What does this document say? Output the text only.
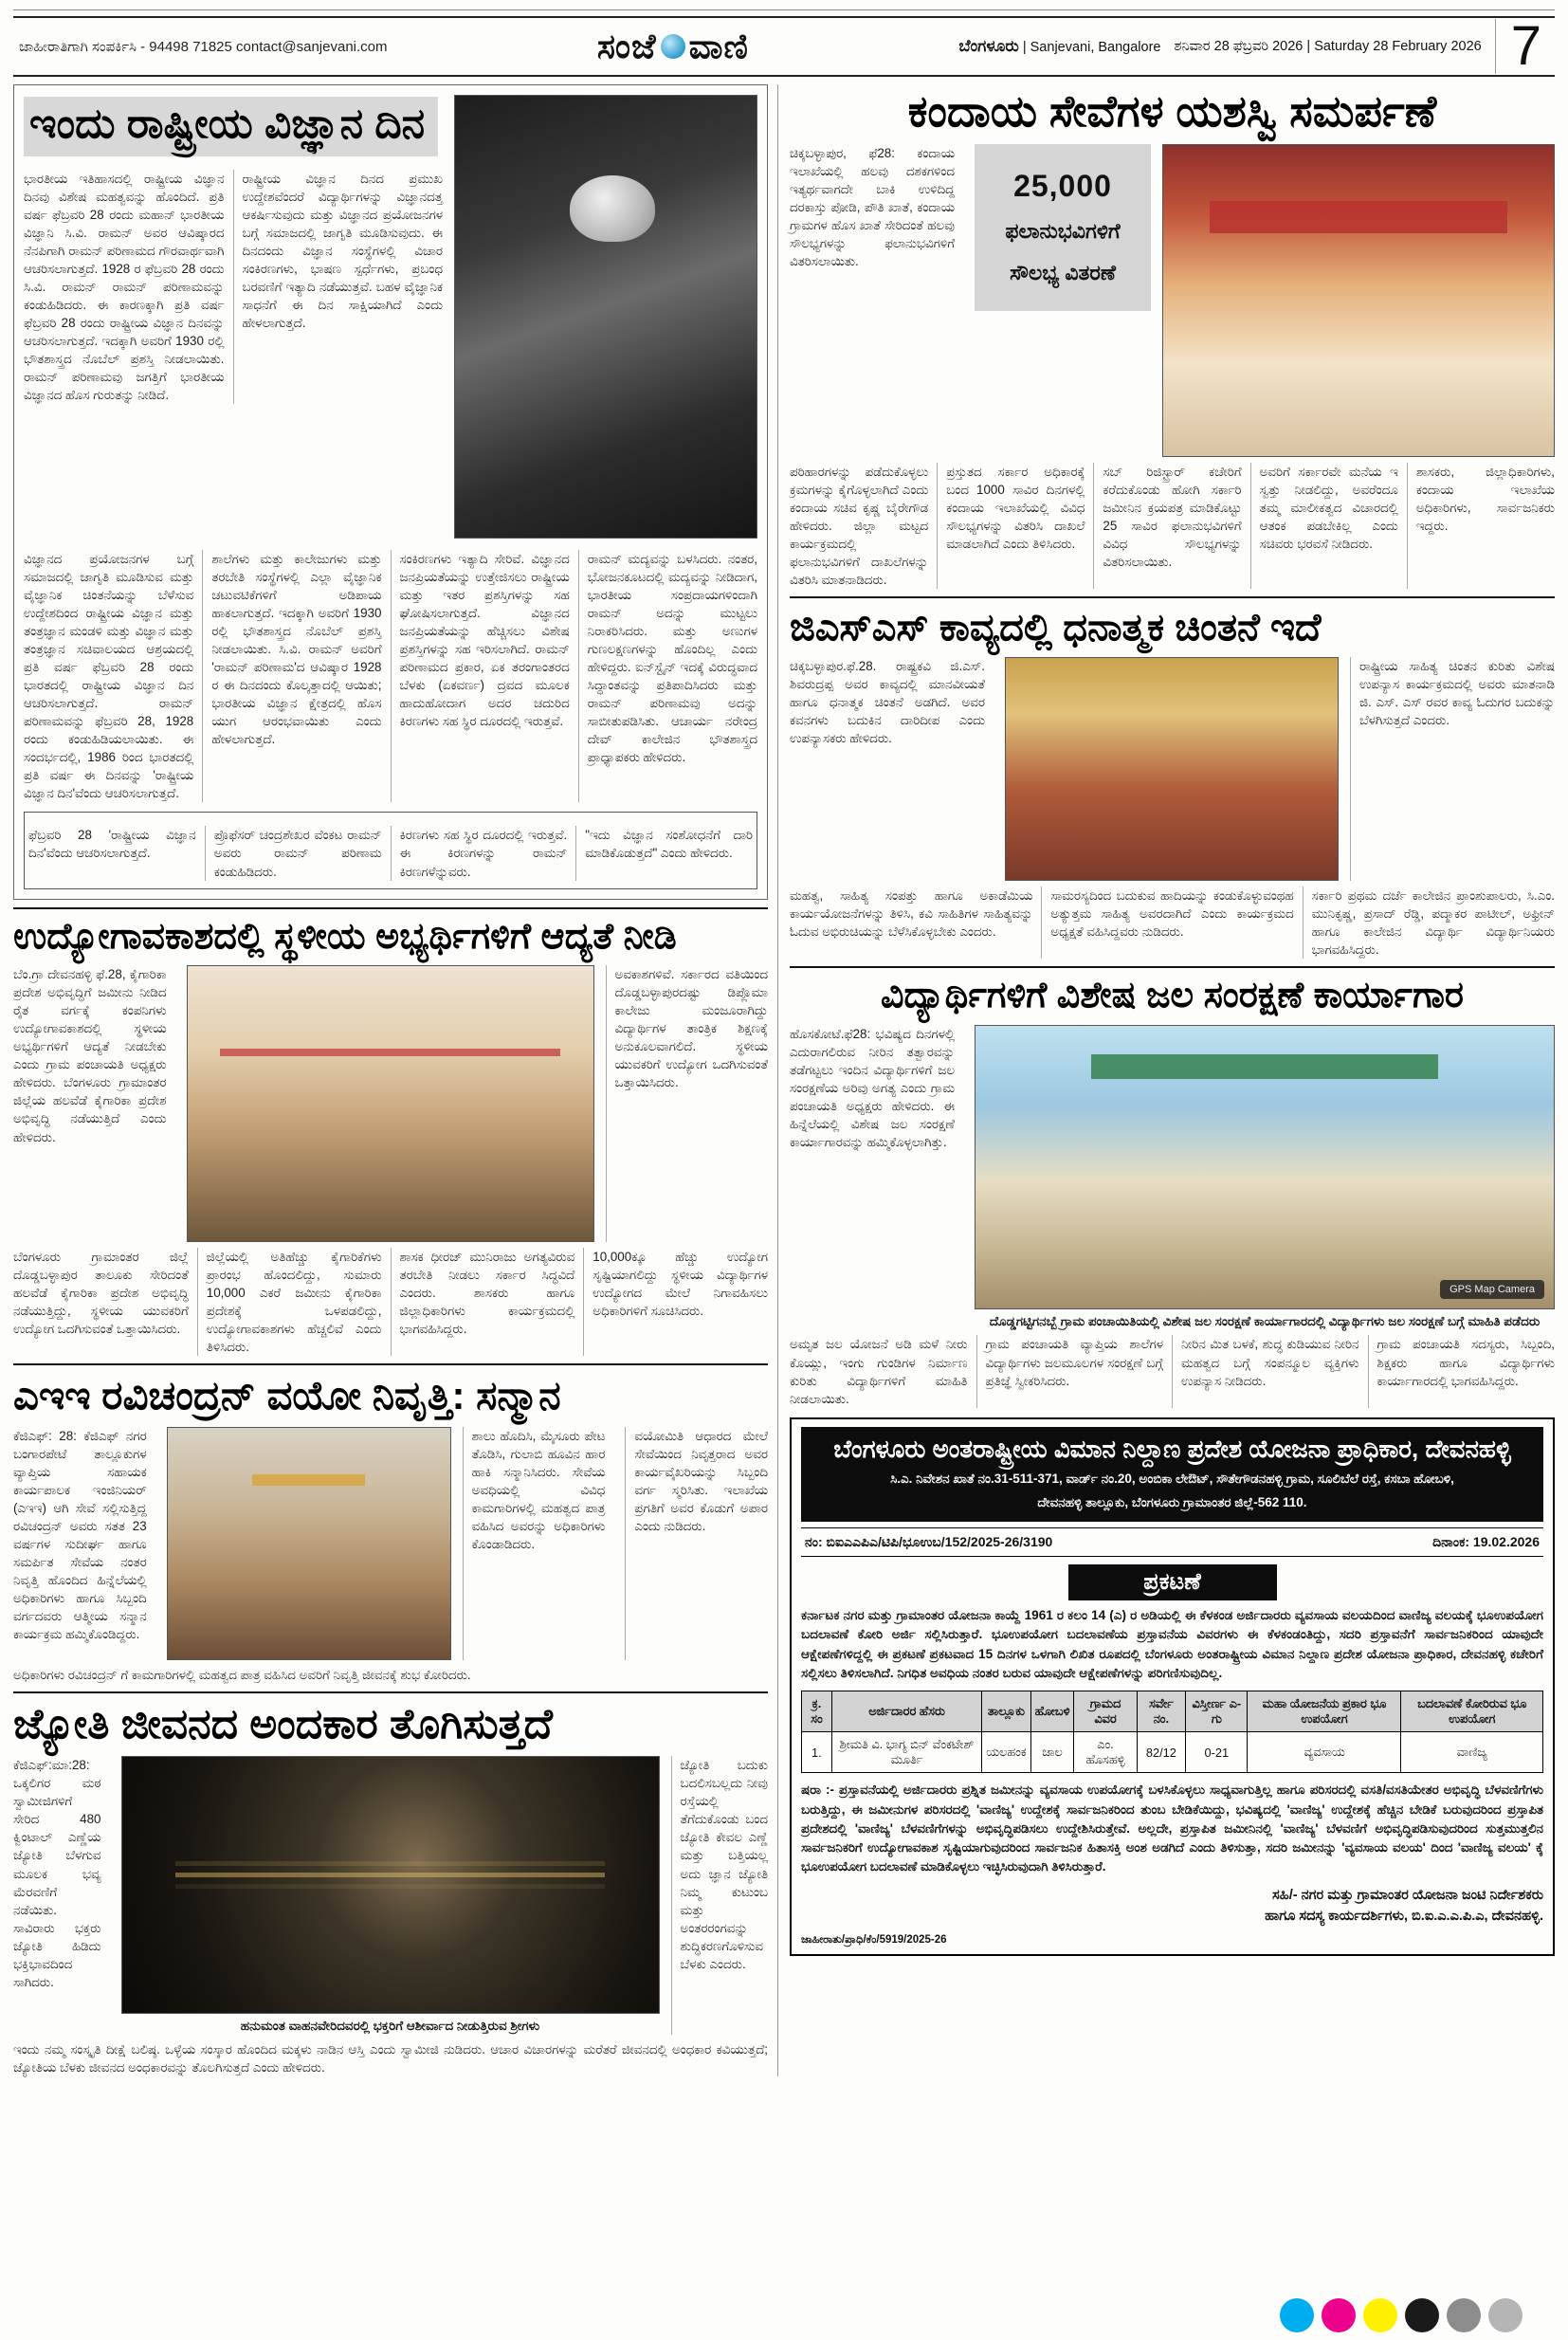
ಜಾಹೀರಾತಿಗಾಗಿ ಸಂಪರ್ಕಿಸಿ - 94498 71825 contact@sanjevani.com	ಸಂಜೆ ವಾಣಿ	ಬೆಂಗಳೂರು | Sanjevani, Bangalore ಶನಿವಾರ 28 ಫೆಬ್ರವರಿ 2026 | Saturday 28 February 2026 7
ಇಂದು ರಾಷ್ಟ್ರೀಯ ವಿಜ್ಞಾನ ದಿನ
ಭಾರತೀಯ ಇತಿಹಾಸದಲ್ಲಿ ರಾಷ್ಟ್ರೀಯ ವಿಜ್ಞಾನ ದಿನವು ವಿಶೇಷ ಮಹತ್ವವನ್ನು ಹೊಂದಿದೆ. ಪ್ರತಿ ವರ್ಷ ಫೆಬ್ರವರಿ 28 ರಂದು ಮಹಾನ್ ಭಾರತೀಯ ವಿಜ್ಞಾನಿ ಸಿ.ವಿ. ರಾಮನ್ ಅವರ ಆವಿಷ್ಕಾರದ ನೆನಪಿಗಾಗಿ ರಾಮನ್ ಪರಿಣಾಮದ ಗೌರವಾರ್ಥವಾಗಿ ಆಚರಿಸಲಾಗುತ್ತದೆ. 1928 ರ ಫೆಬ್ರವರಿ 28 ರಂದು ಸಿ.ವಿ. ರಾಮನ್ ರಾಮನ್ ಪರಿಣಾಮವನ್ನು ಕಂಡುಹಿಡಿದರು. ಈ ಕಾರಣಕ್ಕಾಗಿ ಪ್ರತಿ ವರ್ಷ ಫೆಬ್ರವರಿ 28 ರಂದು ರಾಷ್ಟ್ರೀಯ ವಿಜ್ಞಾನ ದಿನವನ್ನು ಆಚರಿಸಲಾಗುತ್ತದೆ. ಇದಕ್ಕಾಗಿ ಅವರಿಗೆ 1930 ರಲ್ಲಿ ಭೌತಶಾಸ್ತ್ರದ ನೊಬೆಲ್ ಪ್ರಶಸ್ತಿ ನೀಡಲಾಯಿತು. ರಾಮನ್ ಪರಿಣಾಮವು ಜಗತ್ತಿಗೆ ಭಾರತೀಯ ವಿಜ್ಞಾನದ ಹೊಸ ಗುರುತನ್ನು ನೀಡಿದೆ.
ರಾಷ್ಟ್ರೀಯ ವಿಜ್ಞಾನ ದಿನದ ಪ್ರಮುಖ ಉದ್ದೇಶವೆಂದರೆ ವಿದ್ಯಾರ್ಥಿಗಳನ್ನು ವಿಜ್ಞಾನದತ್ತ ಆಕರ್ಷಿಸುವುದು ಮತ್ತು ವಿಜ್ಞಾನದ ಪ್ರಯೋಜನಗಳ ಬಗ್ಗೆ ಸಮಾಜದಲ್ಲಿ ಜಾಗೃತಿ ಮೂಡಿಸುವುದು. ಈ ದಿನದಂದು ವಿಜ್ಞಾನ ಸಂಸ್ಥೆಗಳಲ್ಲಿ ವಿಚಾರ ಸಂಕಿರಣಗಳು, ಭಾಷಣ ಸ್ಪರ್ಧೆಗಳು, ಪ್ರಬಂಧ ಬರವಣಿಗೆ ಇತ್ಯಾದಿ ನಡೆಯುತ್ತವೆ. ಬಹಳ ವೈಜ್ಞಾನಿಕ ಸಾಧನೆಗೆ ಈ ದಿನ ಸಾಕ್ಷಿಯಾಗಿದೆ ಎಂದು ಹೇಳಲಾಗುತ್ತದೆ.
ವಿಜ್ಞಾನದ ಪ್ರಯೋಜನಗಳ ಬಗ್ಗೆ ಸಮಾಜದಲ್ಲಿ ಜಾಗೃತಿ ಮೂಡಿಸುವ ಮತ್ತು ವೈಜ್ಞಾನಿಕ ಚಿಂತನೆಯನ್ನು ಬೆಳೆಸುವ ಉದ್ದೇಶದಿಂದ ರಾಷ್ಟ್ರೀಯ ವಿಜ್ಞಾನ ಮತ್ತು ತಂತ್ರಜ್ಞಾನ ಮಂಡಳಿ ಮತ್ತು ವಿಜ್ಞಾನ ಮತ್ತು ತಂತ್ರಜ್ಞಾನ ಸಚಿವಾಲಯದ ಆಶ್ರಯದಲ್ಲಿ ಪ್ರತಿ ವರ್ಷ ಫೆಬ್ರವರಿ 28 ರಂದು ಭಾರತದಲ್ಲಿ ರಾಷ್ಟ್ರೀಯ ವಿಜ್ಞಾನ ದಿನ ಆಚರಿಸಲಾಗುತ್ತದೆ. ರಾಮನ್ ಪರಿಣಾಮವನ್ನು ಫೆಬ್ರವರಿ 28, 1928 ರಂದು ಕಂಡುಹಿಡಿಯಲಾಯಿತು. ಈ ಸಂದರ್ಭದಲ್ಲಿ, 1986 ರಿಂದ ಭಾರತದಲ್ಲಿ ಪ್ರತಿ ವರ್ಷ ಈ ದಿನವನ್ನು 'ರಾಷ್ಟ್ರೀಯ ವಿಜ್ಞಾನ ದಿನ'ವೆಂದು ಆಚರಿಸಲಾಗುತ್ತದೆ.
ಶಾಲೆಗಳು ಮತ್ತು ಕಾಲೇಜುಗಳು ಮತ್ತು ತರಬೇತಿ ಸಂಸ್ಥೆಗಳಲ್ಲಿ ಎಲ್ಲಾ ವೈಜ್ಞಾನಿಕ ಚಟುವಟಿಕೆಗಳಿಗೆ ಅಡಿಪಾಯ ಹಾಕಲಾಗುತ್ತದೆ. ಇದಕ್ಕಾಗಿ ಅವರಿಗೆ 1930 ರಲ್ಲಿ ಭೌತಶಾಸ್ತ್ರದ ನೊಬೆಲ್ ಪ್ರಶಸ್ತಿ ನೀಡಲಾಯಿತು. ಸಿ.ವಿ. ರಾಮನ್ ಅವರಿಗೆ 'ರಾಮನ್ ಪರಿಣಾಮ'ದ ಆವಿಷ್ಕಾರ 1928 ರ ಈ ದಿನದಂದು ಕೊಲ್ಕತ್ತಾದಲ್ಲಿ ಆಯಿತು; ಭಾರತೀಯ ವಿಜ್ಞಾನ ಕ್ಷೇತ್ರದಲ್ಲಿ ಹೊಸ ಯುಗ ಆರಂಭವಾಯಿತು ಎಂದು ಹೇಳಲಾಗುತ್ತದೆ.
ಸಂಕಿರಣಗಳು ಇತ್ಯಾದಿ ಸೇರಿವೆ. ವಿಜ್ಞಾನದ ಜನಪ್ರಿಯತೆಯನ್ನು ಉತ್ತೇಜಿಸಲು ರಾಷ್ಟ್ರೀಯ ಮತ್ತು ಇತರ ಪ್ರಶಸ್ತಿಗಳನ್ನು ಸಹ ಘೋಷಿಸಲಾಗುತ್ತದೆ. ವಿಜ್ಞಾನದ ಜನಪ್ರಿಯತೆಯನ್ನು ಹೆಚ್ಚಿಸಲು ವಿಶೇಷ ಪ್ರಶಸ್ತಿಗಳನ್ನು ಸಹ ಇರಿಸಲಾಗಿದೆ. ರಾಮನ್ ಪರಿಣಾಮದ ಪ್ರಕಾರ, ಏಕ ತರಂಗಾಂತರದ ಬೆಳಕು (ಏಕವರ್ಣ) ದ್ರವದ ಮೂಲಕ ಹಾದುಹೋದಾಗ ಅದರ ಚದುರಿದ ಕಿರಣಗಳು ಸಹ ಸ್ಥಿರ ದೂರದಲ್ಲಿ ಇರುತ್ತವೆ.
ರಾಮನ್ ಮದ್ಯವನ್ನು ಬಳಸಿದರು. ನಂತರ, ಭೋಜನಕೂಟದಲ್ಲಿ ಮದ್ಯವನ್ನು ನೀಡಿದಾಗ, ಭಾರತೀಯ ಸಂಪ್ರದಾಯಗಳಿಂದಾಗಿ ರಾಮನ್ ಅದನ್ನು ಮುಟ್ಟಲು ನಿರಾಕರಿಸಿದರು. ಮತ್ತು ಅಣುಗಳ ಗುಣಲಕ್ಷಣಗಳನ್ನು ಹೊಂದಿಲ್ಲ ಎಂದು ಹೇಳಿದ್ದರು. ಐನ್‌ಸ್ಟೈನ್ ಇದಕ್ಕೆ ವಿರುದ್ಧವಾದ ಸಿದ್ಧಾಂತವನ್ನು ಪ್ರತಿಪಾದಿಸಿದರು ಮತ್ತು ರಾಮನ್ ಪರಿಣಾಮವು ಅದನ್ನು ಸಾಬೀತುಪಡಿಸಿತು. ಆಚಾರ್ಯ ನರೇಂದ್ರ ದೇವ್ ಕಾಲೇಜಿನ ಭೌತಶಾಸ್ತ್ರದ ಪ್ರಾಧ್ಯಾಪಕರು ಹೇಳಿದರು.
ಫೆಬ್ರವರಿ 28 'ರಾಷ್ಟ್ರೀಯ ವಿಜ್ಞಾನ ದಿನ'ವೆಂದು ಆಚರಿಸಲಾಗುತ್ತದೆ.
ಪ್ರೊಫೆಸರ್ ಚಂದ್ರಶೇಖರ ವೆಂಕಟ ರಾಮನ್ ಅವರು ರಾಮನ್ ಪರಿಣಾಮ ಕಂಡುಹಿಡಿದರು.
ಕಿರಣಗಳು ಸಹ ಸ್ಥಿರ ದೂರದಲ್ಲಿ ಇರುತ್ತವೆ. ಈ ಕಿರಣಗಳನ್ನು ರಾಮನ್ ಕಿರಣಗಳೆನ್ನುವರು.
"ಇದು ವಿಜ್ಞಾನ ಸಂಶೋಧನೆಗೆ ದಾರಿ ಮಾಡಿಕೊಡುತ್ತದೆ" ಎಂದು ಹೇಳಿದರು.
ಉದ್ಯೋಗಾವಕಾಶದಲ್ಲಿ ಸ್ಥಳೀಯ ಅಭ್ಯರ್ಥಿಗಳಿಗೆ ಆದ್ಯತೆ ನೀಡಿ
ಬೆಂ.ಗ್ರಾ ದೇವನಹಳ್ಳಿ ಫೆ.28, ಕೈಗಾರಿಕಾ ಪ್ರದೇಶ ಅಭಿವೃದ್ಧಿಗೆ ಜಮೀನು ನೀಡಿದ ರೈತ ವರ್ಗಕ್ಕೆ ಕಂಪನಿಗಳು ಉದ್ಯೋಗಾವಕಾಶದಲ್ಲಿ ಸ್ಥಳೀಯ ಅಭ್ಯರ್ಥಿಗಳಿಗೆ ಆದ್ಯತೆ ನೀಡಬೇಕು ಎಂದು ಗ್ರಾಮ ಪಂಚಾಯತಿ ಅಧ್ಯಕ್ಷರು ಹೇಳಿದರು. ಬೆಂಗಳೂರು ಗ್ರಾಮಾಂತರ ಜಿಲ್ಲೆಯ ಹಲವೆಡೆ ಕೈಗಾರಿಕಾ ಪ್ರದೇಶ ಅಭಿವೃದ್ಧಿ ನಡೆಯುತ್ತಿದೆ ಎಂದು ಹೇಳಿದರು.
ಅವಕಾಶಗಳಿವೆ. ಸರ್ಕಾರದ ವತಿಯಿಂದ ದೊಡ್ಡಬಳ್ಳಾಪುರದಷ್ಟು ಡಿಪ್ಲೊಮಾ ಕಾಲೇಜು ಮಂಜೂರಾಗಿದ್ದು ವಿದ್ಯಾರ್ಥಿಗಳ ತಾಂತ್ರಿಕ ಶಿಕ್ಷಣಕ್ಕೆ ಅನುಕೂಲವಾಗಲಿದೆ. ಸ್ಥಳೀಯ ಯುವಕರಿಗೆ ಉದ್ಯೋಗ ಒದಗಿಸುವಂತೆ ಒತ್ತಾಯಿಸಿದರು.
ಬೆಂಗಳೂರು ಗ್ರಾಮಾಂತರ ಜಿಲ್ಲೆ ದೊಡ್ಡಬಳ್ಳಾಪುರ ತಾಲೂಕು ಸೇರಿದಂತೆ ಹಲವೆಡೆ ಕೈಗಾರಿಕಾ ಪ್ರದೇಶ ಅಭಿವೃದ್ಧಿ ನಡೆಯುತ್ತಿದ್ದು, ಸ್ಥಳೀಯ ಯುವಕರಿಗೆ ಉದ್ಯೋಗ ಒದಗಿಸುವಂತೆ ಒತ್ತಾಯಿಸಿದರು.
ಜಿಲ್ಲೆಯಲ್ಲಿ ಅತಿಹೆಚ್ಚು ಕೈಗಾರಿಕೆಗಳು ಪ್ರಾರಂಭ ಹೊಂದಲಿದ್ದು, ಸುಮಾರು 10,000 ಎಕರೆ ಜಮೀನು ಕೈಗಾರಿಕಾ ಪ್ರದೇಶಕ್ಕೆ ಒಳಪಡಲಿದ್ದು, ಉದ್ಯೋಗಾವಕಾಶಗಳು ಹೆಚ್ಚಲಿವೆ ಎಂದು ತಿಳಿಸಿದರು.
ಶಾಸಕ ಧೀರಜ್ ಮುನಿರಾಜು ಅಗತ್ಯವಿರುವ ತರಬೇತಿ ನೀಡಲು ಸರ್ಕಾರ ಸಿದ್ಧವಿದೆ ಎಂದರು. ಶಾಸಕರು ಹಾಗೂ ಜಿಲ್ಲಾಧಿಕಾರಿಗಳು ಕಾರ್ಯಕ್ರಮದಲ್ಲಿ ಭಾಗವಹಿಸಿದ್ದರು.
10,000ಕ್ಕೂ ಹೆಚ್ಚು ಉದ್ಯೋಗ ಸೃಷ್ಟಿಯಾಗಲಿದ್ದು ಸ್ಥಳೀಯ ವಿದ್ಯಾರ್ಥಿಗಳ ಉದ್ಯೋಗದ ಮೇಲೆ ನಿಗಾವಹಿಸಲು ಅಧಿಕಾರಿಗಳಿಗೆ ಸೂಚಿಸಿದರು.
ಎಇಇ ರವಿಚಂದ್ರನ್ ವಯೋ ನಿವೃತ್ತಿ: ಸನ್ಮಾನ
ಕೆಜಿಎಫ್: 28: ಕೆಜಿಎಫ್ ನಗರ ಬಂಗಾರಪೇಟೆ ತಾಲ್ಲೂಕುಗಳ ವ್ಯಾಪ್ತಿಯ ಸಹಾಯಕ ಕಾರ್ಯಪಾಲಕ ಇಂಜಿನಿಯರ್ (ಎಇಇ) ಆಗಿ ಸೇವೆ ಸಲ್ಲಿಸುತ್ತಿದ್ದ ರವಿಚಂದ್ರನ್ ಅವರು ಸತತ 23 ವರ್ಷಗಳ ಸುದೀರ್ಘ ಹಾಗೂ ಸಮರ್ಪಿತ ಸೇವೆಯ ನಂತರ ನಿವೃತ್ತಿ ಹೊಂದಿದ ಹಿನ್ನೆಲೆಯಲ್ಲಿ ಅಧಿಕಾರಿಗಳು ಹಾಗೂ ಸಿಬ್ಬಂದಿ ವರ್ಗದವರು ಆತ್ಮೀಯ ಸನ್ಮಾನ ಕಾರ್ಯಕ್ರಮ ಹಮ್ಮಿಕೊಂಡಿದ್ದರು.
ಶಾಲು ಹೊದಿಸಿ, ಮೈಸೂರು ಪೇಟ ತೊಡಿಸಿ, ಗುಲಾಬಿ ಹೂವಿನ ಹಾರ ಹಾಕಿ ಸನ್ಮಾನಿಸಿದರು. ಸೇವೆಯ ಅವಧಿಯಲ್ಲಿ ವಿವಿಧ ಕಾಮಗಾರಿಗಳಲ್ಲಿ ಮಹತ್ವದ ಪಾತ್ರ ವಹಿಸಿದ ಅವರನ್ನು ಅಧಿಕಾರಿಗಳು ಕೊಂಡಾಡಿದರು.
ವಯೋಮಿತಿ ಆಧಾರದ ಮೇಲೆ ಸೇವೆಯಿಂದ ನಿವೃತ್ತರಾದ ಅವರ ಕಾರ್ಯವೈಖರಿಯನ್ನು ಸಿಬ್ಬಂದಿ ವರ್ಗ ಸ್ಮರಿಸಿತು. ಇಲಾಖೆಯ ಪ್ರಗತಿಗೆ ಅವರ ಕೊಡುಗೆ ಅಪಾರ ಎಂದು ನುಡಿದರು.
ಅಧಿಕಾರಿಗಳು ರವಿಚಂದ್ರನ್ ಗೆ ಕಾಮಗಾರಿಗಳಲ್ಲಿ ಮಹತ್ವದ ಪಾತ್ರ ವಹಿಸಿದ ಅವರಿಗೆ ನಿವೃತ್ತಿ ಜೀವನಕ್ಕೆ ಶುಭ ಕೋರಿದರು.
ಜ್ಯೋತಿ ಜೀವನದ ಅಂದಕಾರ ತೊಗಿಸುತ್ತದೆ
ಕೆಜಿಎಫ್:ಮಾ:28: ಒಕ್ಕಲಿಗರ ಮಠ ಸ್ವಾಮೀಜಿಗಳಿಗೆ ಸೇರಿದ 480 ಕ್ವಿಂಟಾಲ್ ಎಣ್ಣೆಯ ಜ್ಯೋತಿ ಬೆಳಗುವ ಮೂಲಕ ಭವ್ಯ ಮೆರವಣಿಗೆ ನಡೆಯಿತು. ಸಾವಿರಾರು ಭಕ್ತರು ಜ್ಯೋತಿ ಹಿಡಿದು ಭಕ್ತಿಭಾವದಿಂದ ಸಾಗಿದರು.
ಹನುಮಂತ ವಾಹನವೇರಿದವರಲ್ಲಿ ಭಕ್ತರಿಗೆ ಆಶೀರ್ವಾದ ನೀಡುತ್ತಿರುವ ಶ್ರೀಗಳು
ಜ್ಯೋತಿ ಬದುಕು ಬದಲಿಸಬಲ್ಲದು ನೀವು ರಸ್ತೆಯಲ್ಲಿ ತೆಗೆದುಕೊಂಡು ಬಂದ ಜ್ಯೋತಿ ಕೇವಲ ಎಣ್ಣೆ ಮತ್ತು ಬತ್ತಿಯಲ್ಲ ಅದು ಜ್ಞಾನ ಜ್ಯೋತಿ ನಿಮ್ಮ ಕುಟುಂಬ ಮತ್ತು ಅಂತರರಂಗವನ್ನು ಶುದ್ಧಿಕರಣಗೊಳಿಸುವ ಬೆಳಕು ಎಂದರು.
ಇಂದು ನಮ್ಮ ಸಂಸ್ಕೃತಿ ದೀಕ್ಷೆ ಬಲಿಷ್ಠ. ಒಳ್ಳೆಯ ಸಂಸ್ಕಾರ ಹೊಂದಿದ ಮಕ್ಕಳು ನಾಡಿನ ಆಸ್ತಿ ಎಂದು ಸ್ವಾಮೀಜಿ ನುಡಿದರು. ಆಚಾರ ವಿಚಾರಗಳನ್ನು ಮರೆತರೆ ಜೀವನದಲ್ಲಿ ಅಂಧಕಾರ ಕವಿಯುತ್ತದೆ; ಜ್ಯೋತಿಯ ಬೆಳಕು ಜೀವನದ ಅಂಧಕಾರವನ್ನು ತೊಲಗಿಸುತ್ತದೆ ಎಂದು ಹೇಳಿದರು.
ಕಂದಾಯ ಸೇವೆಗಳ ಯಶಸ್ವಿ ಸಮರ್ಪಣೆ
ಚಿಕ್ಕಬಳ್ಳಾಪುರ, ಫೆ28: ಕಂದಾಯ ಇಲಾಖೆಯಲ್ಲಿ ಹಲವು ದಶಕಗಳಿಂದ ಇತ್ಯರ್ಥವಾಗದೇ ಬಾಕಿ ಉಳಿದಿದ್ದ ದರಕಾಸ್ತು ಪೋಡಿ, ಪೌತಿ ಖಾತೆ, ಕಂದಾಯ ಗ್ರಾಮಗಳ ಹೊಸ ಖಾತೆ ಸೇರಿದಂತೆ ಹಲವು ಸೌಲಭ್ಯಗಳನ್ನು ಫಲಾನುಭವಿಗಳಿಗೆ ವಿತರಿಸಲಾಯಿತು.
25,000
ಫಲಾನುಭವಿಗಳಿಗೆ
ಸೌಲಭ್ಯ ವಿತರಣೆ
ಪರಿಹಾರಗಳನ್ನು ಪಡೆದುಕೊಳ್ಳಲು ಕ್ರಮಗಳನ್ನು ಕೈಗೊಳ್ಳಲಾಗಿದೆ ಎಂದು ಕಂದಾಯ ಸಚಿವ ಕೃಷ್ಣ ಬೈರೇಗೌಡ ಹೇಳಿದರು. ಜಿಲ್ಲಾ ಮಟ್ಟದ ಕಾರ್ಯಕ್ರಮದಲ್ಲಿ ಫಲಾನುಭವಿಗಳಿಗೆ ದಾಖಲೆಗಳನ್ನು ವಿತರಿಸಿ ಮಾತನಾಡಿದರು.
ಪ್ರಸ್ತುತದ ಸರ್ಕಾರ ಅಧಿಕಾರಕ್ಕೆ ಬಂದ 1000 ಸಾವಿರ ದಿನಗಳಲ್ಲಿ ಕಂದಾಯ ಇಲಾಖೆಯಲ್ಲಿ ವಿವಿಧ ಸೌಲಭ್ಯಗಳನ್ನು ವಿತರಿಸಿ ದಾಖಲೆ ಮಾಡಲಾಗಿದೆ ಎಂದು ತಿಳಿಸಿದರು.
ಸಬ್ ರಿಜಿಸ್ಟ್ರಾರ್ ಕಚೇರಿಗೆ ಕರೆದುಕೊಂಡು ಹೋಗಿ ಸರ್ಕಾರಿ ಜಮೀನಿನ ಕ್ರಯಪತ್ರ ಮಾಡಿಕೊಟ್ಟು 25 ಸಾವಿರ ಫಲಾನುಭವಿಗಳಿಗೆ ವಿವಿಧ ಸೌಲಭ್ಯಗಳನ್ನು ವಿತರಿಸಲಾಯಿತು.
ಅವರಿಗೆ ಸರ್ಕಾರವೇ ಮನೆಯ ಇ ಸ್ವತ್ತು ನೀಡಲಿದ್ದು, ಅವರೆಂದೂ ತಮ್ಮ ಮಾಲೀಕತ್ವದ ವಿಚಾರದಲ್ಲಿ ಆತಂಕ ಪಡಬೇಕಿಲ್ಲ ಎಂದು ಸಚಿವರು ಭರವಸೆ ನೀಡಿದರು.
ಶಾಸಕರು, ಜಿಲ್ಲಾಧಿಕಾರಿಗಳು, ಕಂದಾಯ ಇಲಾಖೆಯ ಅಧಿಕಾರಿಗಳು, ಸಾರ್ವಜನಿಕರು ಇದ್ದರು.
ಜಿಎಸ್‌ಎಸ್ ಕಾವ್ಯದಲ್ಲಿ ಧನಾತ್ಮಕ ಚಿಂತನೆ ಇದೆ
ಚಿಕ್ಕಬಳ್ಳಾಪುರ.ಫೆ.28. ರಾಷ್ಟ್ರಕವಿ ಜಿ.ಎಸ್. ಶಿವರುದ್ರಪ್ಪ ಅವರ ಕಾವ್ಯದಲ್ಲಿ ಮಾನವೀಯತೆ ಹಾಗೂ ಧನಾತ್ಮಕ ಚಿಂತನೆ ಅಡಗಿದೆ. ಅವರ ಕವನಗಳು ಬದುಕಿನ ದಾರಿದೀಪ ಎಂದು ಉಪನ್ಯಾಸಕರು ಹೇಳಿದರು.
ರಾಷ್ಟ್ರೀಯ ಸಾಹಿತ್ಯ ಚಿಂತನ ಕುರಿತು ವಿಶೇಷ ಉಪನ್ಯಾಸ ಕಾರ್ಯಕ್ರಮದಲ್ಲಿ ಅವರು ಮಾತನಾಡಿ ಜಿ. ಎಸ್. ಎಸ್ ರವರ ಕಾವ್ಯ ಓದುಗರ ಬದುಕನ್ನು ಬೆಳಗಿಸುತ್ತದೆ ಎಂದರು.
ಮಹತ್ವ, ಸಾಹಿತ್ಯ ಸಂಪತ್ತು ಹಾಗೂ ಅಕಾಡೆಮಿಯ ಕಾರ್ಯಯೋಜನೆಗಳನ್ನು ತಿಳಿಸಿ, ಕವಿ ಸಾಹಿತಿಗಳ ಸಾಹಿತ್ಯವನ್ನು ಓದುವ ಅಭಿರುಚಿಯನ್ನು ಬೆಳೆಸಿಕೊಳ್ಳಬೇಕು ಎಂದರು.
ಸಾಮರಸ್ಯದಿಂದ ಬದುಕುವ ಹಾದಿಯನ್ನು ಕಂಡುಕೊಳ್ಳುವಂಥಹ ಅತ್ಯುತ್ತಮ ಸಾಹಿತ್ಯ ಅವರದಾಗಿದೆ ಎಂದು ಕಾರ್ಯಕ್ರಮದ ಅಧ್ಯಕ್ಷತೆ ವಹಿಸಿದ್ದವರು ನುಡಿದರು.
ಸರ್ಕಾರಿ ಪ್ರಥಮ ದರ್ಜೆ ಕಾಲೇಜಿನ ಪ್ರಾಂಶುಪಾಲರು, ಸಿ.ಎಂ. ಮುನಿಕೃಷ್ಣ, ಪ್ರಸಾದ್ ರೆಡ್ಡಿ, ಪದ್ಮಾಕರ ಪಾಟೀಲ್, ಅಫ್ರೀನ್ ಹಾಗೂ ಕಾಲೇಜಿನ ವಿದ್ಯಾರ್ಥಿ ವಿದ್ಯಾರ್ಥಿನಿಯರು ಭಾಗವಹಿಸಿದ್ದರು.
ವಿದ್ಯಾರ್ಥಿಗಳಿಗೆ ವಿಶೇಷ ಜಲ ಸಂರಕ್ಷಣೆ ಕಾರ್ಯಾಗಾರ
ಹೊಸಕೋಟೆ.ಫೆ28: ಭವಿಷ್ಯದ ದಿನಗಳಲ್ಲಿ ಎದುರಾಗಲಿರುವ ನೀರಿನ ತತ್ವಾರವನ್ನು ತಡೆಗಟ್ಟಲು ಇಂದಿನ ವಿದ್ಯಾರ್ಥಿಗಳಿಗೆ ಜಲ ಸಂರಕ್ಷಣೆಯ ಅರಿವು ಅಗತ್ಯ ಎಂದು ಗ್ರಾಮ ಪಂಚಾಯತಿ ಅಧ್ಯಕ್ಷರು ಹೇಳಿದರು. ಈ ಹಿನ್ನೆಲೆಯಲ್ಲಿ ವಿಶೇಷ ಜಲ ಸಂರಕ್ಷಣೆ ಕಾರ್ಯಾಗಾರವನ್ನು ಹಮ್ಮಿಕೊಳ್ಳಲಾಗಿತ್ತು.
GPS Map Camera
ದೊಡ್ಡಗಟ್ಟಿಗನಬ್ಬೆ ಗ್ರಾಮ ಪಂಚಾಯಿತಿಯಲ್ಲಿ ವಿಶೇಷ ಜಲ ಸಂರಕ್ಷಣೆ ಕಾರ್ಯಾಗಾರದಲ್ಲಿ ವಿದ್ಯಾರ್ಥಿಗಳು ಜಲ ಸಂರಕ್ಷಣೆ ಬಗ್ಗೆ ಮಾಹಿತಿ ಪಡೆದರು
ಅಮೃತ ಜಲ ಯೋಜನೆ ಅಡಿ ಮಳೆ ನೀರು ಕೊಯ್ಲು, ಇಂಗು ಗುಂಡಿಗಳ ನಿರ್ಮಾಣ ಕುರಿತು ವಿದ್ಯಾರ್ಥಿಗಳಿಗೆ ಮಾಹಿತಿ ನೀಡಲಾಯಿತು.
ಗ್ರಾಮ ಪಂಚಾಯತಿ ವ್ಯಾಪ್ತಿಯ ಶಾಲೆಗಳ ವಿದ್ಯಾರ್ಥಿಗಳು ಜಲಮೂಲಗಳ ಸಂರಕ್ಷಣೆ ಬಗ್ಗೆ ಪ್ರತಿಜ್ಞೆ ಸ್ವೀಕರಿಸಿದರು.
ನೀರಿನ ಮಿತ ಬಳಕೆ, ಶುದ್ಧ ಕುಡಿಯುವ ನೀರಿನ ಮಹತ್ವದ ಬಗ್ಗೆ ಸಂಪನ್ಮೂಲ ವ್ಯಕ್ತಿಗಳು ಉಪನ್ಯಾಸ ನೀಡಿದರು.
ಗ್ರಾಮ ಪಂಚಾಯತಿ ಸದಸ್ಯರು, ಸಿಬ್ಬಂದಿ, ಶಿಕ್ಷಕರು ಹಾಗೂ ವಿದ್ಯಾರ್ಥಿಗಳು ಕಾರ್ಯಾಗಾರದಲ್ಲಿ ಭಾಗವಹಿಸಿದ್ದರು.
ಬೆಂಗಳೂರು ಅಂತರಾಷ್ಟ್ರೀಯ ವಿಮಾನ ನಿಲ್ದಾಣ ಪ್ರದೇಶ ಯೋಜನಾ ಪ್ರಾಧಿಕಾರ, ದೇವನಹಳ್ಳಿ
ಸಿ.ಎ. ನಿವೇಶನ ಖಾತೆ ನಂ.31-511-371, ವಾರ್ಡ್ ನಂ.20, ಅಂಬಿಕಾ ಲೇಔಟ್, ಸೌತೇಗೌಡನಹಳ್ಳಿ ಗ್ರಾಮ, ಸೂಲಿಬೆಲೆ ರಸ್ತೆ, ಕಸಬಾ ಹೋಬಳಿ,
ದೇವನಹಳ್ಳಿ ತಾಲ್ಲೂಕು, ಬೆಂಗಳೂರು ಗ್ರಾಮಾಂತರ ಜಿಲ್ಲೆ-562 110.
ನಂ: ಬಿಐಎಎಪಿಎ/ಟಿಪಿ/ಭೂಉಬ/152/2025-26/3190	ದಿನಾಂಕ: 19.02.2026
ಪ್ರಕಟಣೆ
ಕರ್ನಾಟಕ ನಗರ ಮತ್ತು ಗ್ರಾಮಾಂತರ ಯೋಜನಾ ಕಾಯ್ದೆ 1961 ರ ಕಲಂ 14 (ಎ) ರ ಅಡಿಯಲ್ಲಿ ಈ ಕೆಳಕಂಡ ಅರ್ಜಿದಾರರು ವ್ಯವಸಾಯ ವಲಯದಿಂದ ವಾಣಿಜ್ಯ ವಲಯಕ್ಕೆ ಭೂಉಪಯೋಗ ಬದಲಾವಣೆ ಕೋರಿ ಅರ್ಜಿ ಸಲ್ಲಿಸಿರುತ್ತಾರೆ. ಭೂಉಪಯೋಗ ಬದಲಾವಣೆಯ ಪ್ರಸ್ತಾವನೆಯ ವಿವರಗಳು ಈ ಕೆಳಕಂಡಂತಿದ್ದು, ಸದರಿ ಪ್ರಸ್ತಾವನೆಗೆ ಸಾರ್ವಜನಿಕರಿಂದ ಯಾವುದೇ ಆಕ್ಷೇಪಣೆಗಳಿದ್ದಲ್ಲಿ ಈ ಪ್ರಕಟಣೆ ಪ್ರಕಟವಾದ 15 ದಿನಗಳ ಒಳಗಾಗಿ ಲಿಖಿತ ರೂಪದಲ್ಲಿ ಬೆಂಗಳೂರು ಅಂತರಾಷ್ಟ್ರೀಯ ವಿಮಾನ ನಿಲ್ದಾಣ ಪ್ರದೇಶ ಯೋಜನಾ ಪ್ರಾಧಿಕಾರ, ದೇವನಹಳ್ಳಿ ಕಚೇರಿಗೆ ಸಲ್ಲಿಸಲು ತಿಳಿಸಲಾಗಿದೆ. ನಿಗಧಿತ ಅವಧಿಯ ನಂತರ ಬರುವ ಯಾವುದೇ ಆಕ್ಷೇಪಣೆಗಳನ್ನು ಪರಿಗಣಿಸುವುದಿಲ್ಲ.
ಕ್ರ. ಸಂ	ಅರ್ಜಿದಾರರ ಹೆಸರು	ತಾಲ್ಲೂಕು	ಹೋಬಳಿ	ಗ್ರಾಮದ ವಿವರ	ಸರ್ವೇ ನಂ.	ವಿಸ್ತೀರ್ಣ ಎ-ಗು	ಮಹಾ ಯೋಜನೆಯ ಪ್ರಕಾರ ಭೂ ಉಪಯೋಗ	ಬದಲಾವಣೆ ಕೋರಿರುವ ಭೂ ಉಪಯೋಗ
1.	ಶ್ರೀಮತಿ ವಿ. ಭಾಗ್ಯ ಬಿನ್ ವೆಂಕಟೇಶ್ ಮೂರ್ತಿ	ಯಲಹಂಕ	ಜಾಲ	ಎಂ. ಹೊಸಹಳ್ಳಿ	82/12	0-21	ವ್ಯವಸಾಯ	ವಾಣಿಜ್ಯ
ಷರಾ :- ಪ್ರಸ್ತಾವನೆಯಲ್ಲಿ ಅರ್ಜಿದಾರರು ಪ್ರಶ್ನಿತ ಜಮೀನನ್ನು ವ್ಯವಸಾಯ ಉಪಯೋಗಕ್ಕೆ ಬಳಸಿಕೊಳ್ಳಲು ಸಾಧ್ಯವಾಗುತ್ತಿಲ್ಲ ಹಾಗೂ ಪರಿಸರದಲ್ಲಿ ವಸತಿ/ವಸತಿಯೇತರ ಅಭಿವೃದ್ಧಿ ಬೆಳವಣಿಗೆಗಳು ಬರುತ್ತಿದ್ದು, ಈ ಜಮೀನುಗಳ ಪರಿಸರದಲ್ಲಿ 'ವಾಣಿಜ್ಯ' ಉದ್ದೇಶಕ್ಕೆ ಸಾರ್ವಜನಿಕರಿಂದ ತುಂಬ ಬೇಡಿಕೆಯಿದ್ದು, ಭವಿಷ್ಯದಲ್ಲಿ 'ವಾಣಿಜ್ಯ' ಉದ್ದೇಶಕ್ಕೆ ಹೆಚ್ಚಿನ ಬೇಡಿಕೆ ಬರುವುದರಿಂದ ಪ್ರಸ್ತಾಪಿತ ಪ್ರದೇಶದಲ್ಲಿ 'ವಾಣಿಜ್ಯ' ಬೆಳವಣಿಗೆಗಳನ್ನು ಅಭಿವೃದ್ಧಿಪಡಿಸಲು ಉದ್ದೇಶಿಸಿರುತ್ತೇವೆ. ಅಲ್ಲದೇ, ಪ್ರಸ್ತಾಪಿತ ಜಮೀನಿನಲ್ಲಿ 'ವಾಣಿಜ್ಯ' ಬೆಳವಣಿಗೆ ಅಭಿವೃದ್ಧಿಪಡಿಸುವುದರಿಂದ ಸುತ್ತಮುತ್ತಲಿನ ಸಾರ್ವಜನಿಕರಿಗೆ ಉದ್ಯೋಗಾವಕಾಶ ಸೃಷ್ಟಿಯಾಗುವುದರಿಂದ ಸಾರ್ವಜನಿಕ ಹಿತಾಸಕ್ತಿ ಅಂಶ ಅಡಗಿದೆ ಎಂದು ತಿಳಿಸುತ್ತಾ, ಸದರಿ ಜಮೀನನ್ನು 'ವ್ಯವಸಾಯ ವಲಯ' ದಿಂದ 'ವಾಣಿಜ್ಯ ವಲಯ' ಕ್ಕೆ ಭೂಉಪಯೋಗ ಬದಲಾವಣೆ ಮಾಡಿಕೊಳ್ಳಲು ಇಚ್ಛಿಸಿರುವುದಾಗಿ ತಿಳಿಸಿರುತ್ತಾರೆ.
ಸಹಿ/- ನಗರ ಮತ್ತು ಗ್ರಾಮಾಂತರ ಯೋಜನಾ ಜಂಟಿ ನಿರ್ದೇಶಕರು
ಹಾಗೂ ಸದಸ್ಯ ಕಾರ್ಯದರ್ಶಿಗಳು, ಬಿ.ಐ.ಎ.ಎ.ಪಿ.ಎ, ದೇವನಹಳ್ಳಿ.
ಜಾಹೀರಾತು/ಪ್ರಾಧಿ/ಕೆಂ/5919/2025-26
